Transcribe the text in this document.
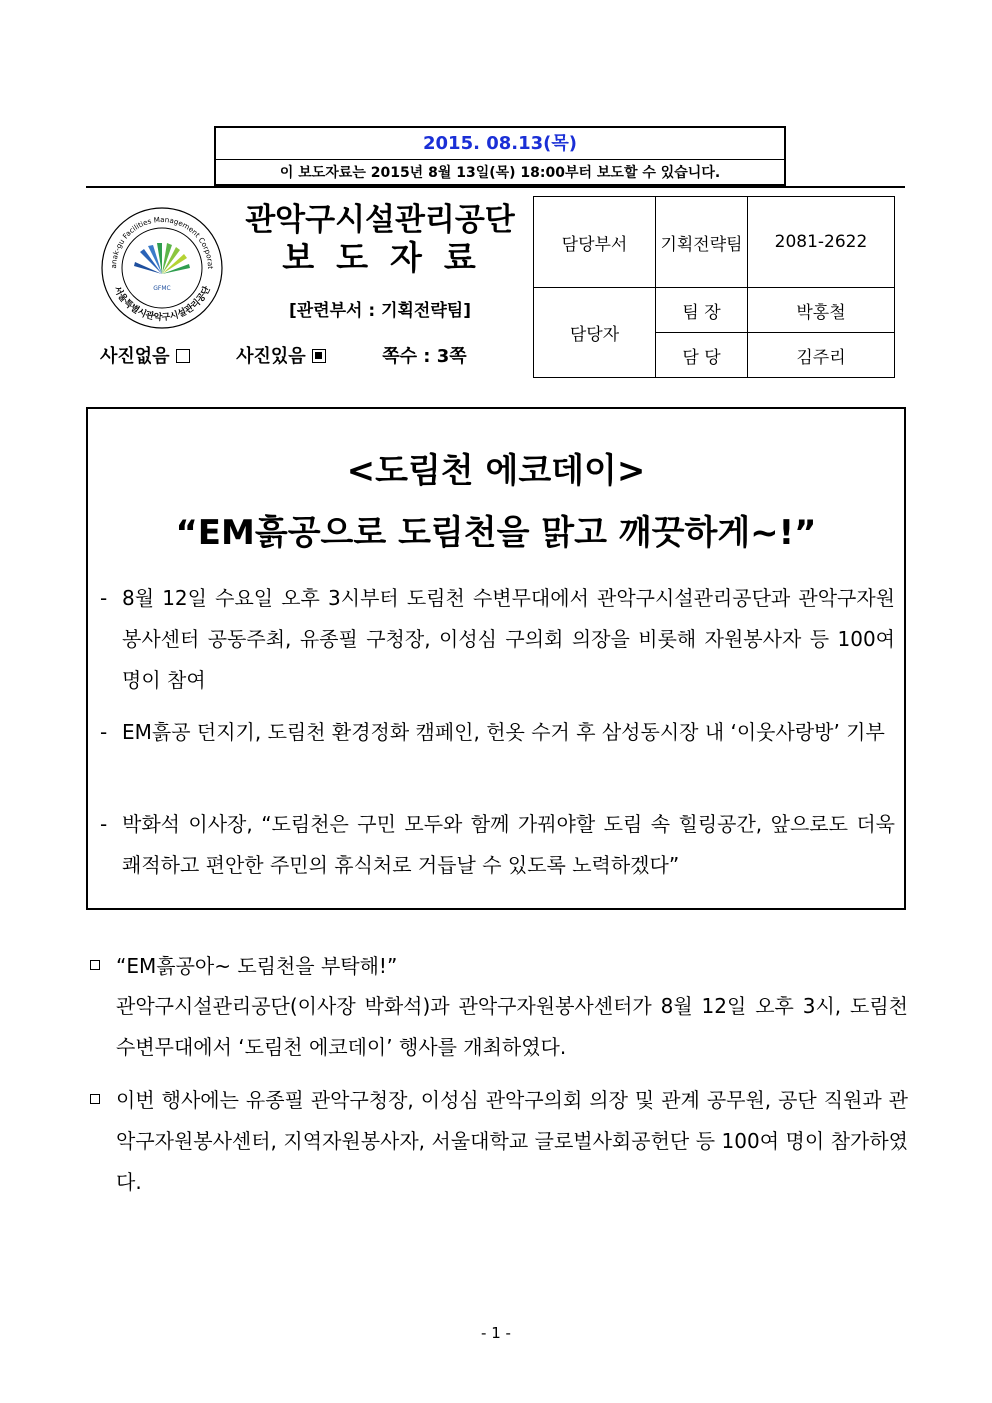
2015. 08.13(목)
이 보도자료는 2015년 8월 13일(목) 18:00부터 보도할 수 있습니다.
anak-gu Facilities Management Corporat
서울특별시관악구시설관리공단
GFMC
관악구시설관리공단
보도자료
[관련부서 : 기획전략팀]
사진없음	사진있음	쪽수 : 3쪽
담당부서	기획전략팀	2081-2622
담당자	팀 장	박홍철
	담 당	김주리
<도림천 에코데이>
“EM흙공으로 도림천을 맑고 깨끗하게~!”
- 8월 12일 수요일 오후 3시부터 도림천 수변무대에서 관악구시설관리공단과 관악구자원봉사센터 공동주최, 유종필 구청장, 이성심 구의회 의장을 비롯해 자원봉사자 등 100여 명이 참여
- EM흙공 던지기, 도림천 환경정화 캠페인, 헌옷 수거 후 삼성동시장 내 ‘이웃사랑방’ 기부
- 박화석 이사장, “도림천은 구민 모두와 함께 가꿔야할 도림 속 힐링공간, 앞으로도 더욱 쾌적하고 편안한 주민의 휴식처로 거듭날 수 있도록 노력하겠다”
“EM흙공아~ 도림천을 부탁해!”
관악구시설관리공단(이사장 박화석)과 관악구자원봉사센터가 8월 12일 오후 3시, 도림천 수변무대에서 ‘도림천 에코데이’ 행사를 개최하였다.
이번 행사에는 유종필 관악구청장, 이성심 관악구의회 의장 및 관계 공무원, 공단 직원과 관악구자원봉사센터, 지역자원봉사자, 서울대학교 글로벌사회공헌단 등 100여 명이 참가하였다.
- 1 -
